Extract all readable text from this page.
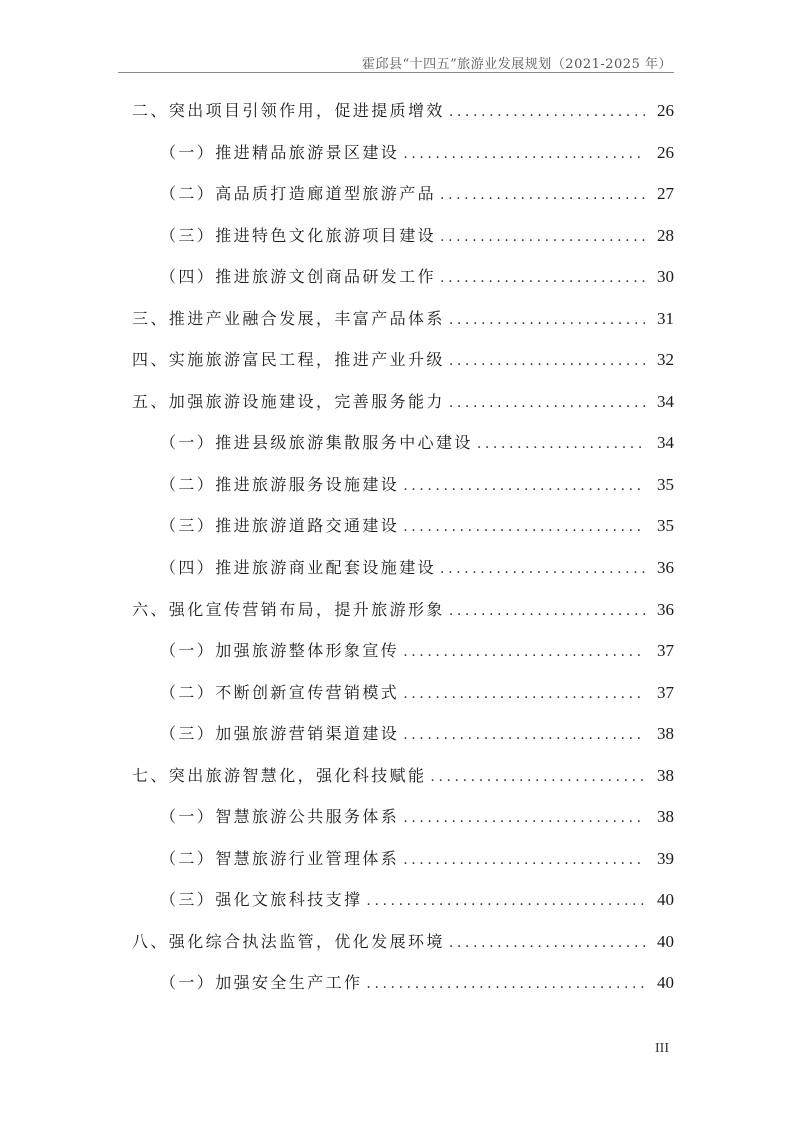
霍邱县“十四五”旅游业发展规划（2021-2025 年）
二、突出项目引领作用，促进提质增效 .....	26
（一）推进精品旅游景区建设 .....	26
（二）高品质打造廊道型旅游产品 .....	27
（三）推进特色文化旅游项目建设 .....	28
（四）推进旅游文创商品研发工作 .....	30
三、推进产业融合发展，丰富产品体系 .....	31
四、实施旅游富民工程，推进产业升级 .....	32
五、加强旅游设施建设，完善服务能力 .....	34
（一）推进县级旅游集散服务中心建设 .....	34
（二）推进旅游服务设施建设 .....	35
（三）推进旅游道路交通建设 .....	35
（四）推进旅游商业配套设施建设 .....	36
六、强化宣传营销布局，提升旅游形象 .....	36
（一）加强旅游整体形象宣传 .....	37
（二）不断创新宣传营销模式 .....	37
（三）加强旅游营销渠道建设 .....	38
七、突出旅游智慧化，强化科技赋能 .....	38
（一）智慧旅游公共服务体系 .....	38
（二）智慧旅游行业管理体系 .....	39
（三）强化文旅科技支撑 .....	40
八、强化综合执法监管，优化发展环境 .....	40
（一）加强安全生产工作 .....	40
III
